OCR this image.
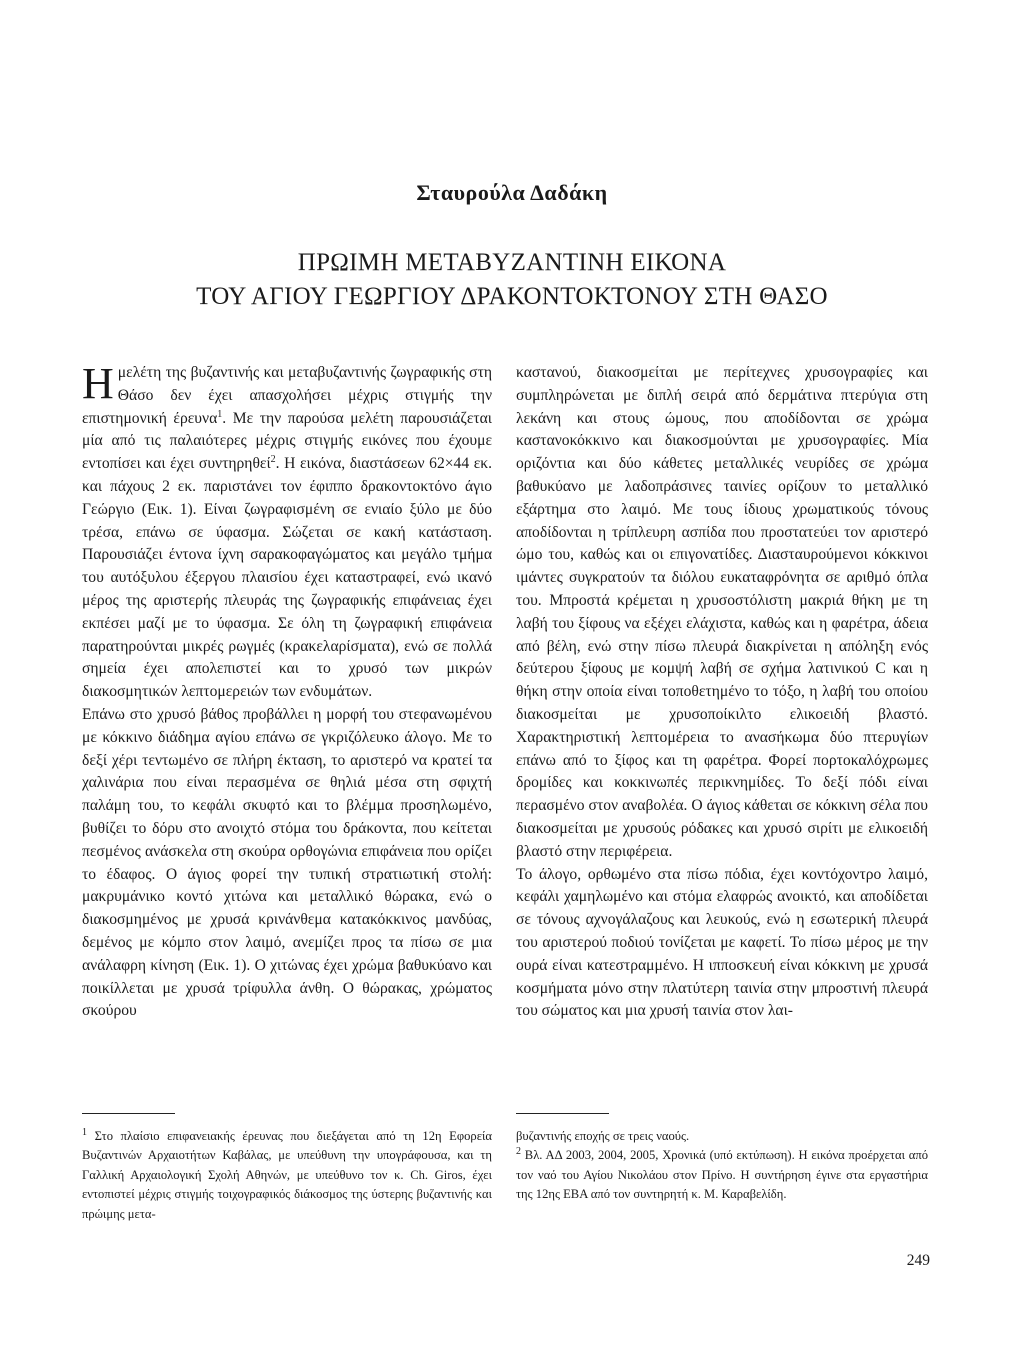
Σταυρούλα Δαδάκη
ΠΡΩΙΜΗ ΜΕΤΑΒΥΖΑΝΤΙΝΗ ΕΙΚΟΝΑ
ΤΟΥ ΑΓΙΟΥ ΓΕΩΡΓΙΟΥ ΔΡΑΚΟΝΤΟΚΤΟΝΟΥ ΣΤΗ ΘΑΣΟ

Ημελέτη της βυζαντινής και μεταβυζαντινής ζωγραφικής στη Θάσο δεν έχει απασχολήσει μέχρις στιγμής την επιστημονική έρευνα$^1$. Με την παρούσα μελέτη παρουσιάζεται μία από τις παλαιότερες μέχρις στιγμής εικόνες που έχουμε εντοπίσει και έχει συντηρηθεί$^2$. Η εικόνα, διαστάσεων 62×44 εκ. και πάχους 2 εκ. παριστάνει τον έφιππο δρακοντοκτόνο άγιο Γεώργιο (Εικ. 1). Είναι ζωγραφισμένη σε ενιαίο ξύλο με δύο τρέσα, επάνω σε ύφασμα. Σώζεται σε κακή κατάσταση. Παρουσιάζει έντονα ίχνη σαρακοφαγώματος και μεγάλο τμήμα του αυτόξυλου έξεργου πλαισίου έχει καταστραφεί, ενώ ικανό μέρος της αριστερής πλευράς της ζωγραφικής επιφάνειας έχει εκπέσει μαζί με το ύφασμα. Σε όλη τη ζωγραφική επιφάνεια παρατηρούνται μικρές ρωγμές (κρακελαρίσματα), ενώ σε πολλά σημεία έχει απολεπιστεί και το χρυσό των μικρών διακοσμητικών λεπτομερειών των ενδυμάτων.

Επάνω στο χρυσό βάθος προβάλλει η μορφή του στεφανωμένου με κόκκινο διάδημα αγίου επάνω σε γκριζόλευκο άλογο. Με το δεξί χέρι τεντωμένο σε πλήρη έκταση, το αριστερό να κρατεί τα χαλινάρια που είναι περασμένα σε θηλιά μέσα στη σφιχτή παλάμη του, το κεφάλι σκυφτό και το βλέμμα προσηλωμένο, βυθίζει το δόρυ στο ανοιχτό στόμα του δράκοντα, που κείτεται πεσμένος ανάσκελα στη σκούρα ορθογώνια επιφάνεια που ορίζει το έδαφος. Ο άγιος φορεί την τυπική στρατιωτική στολή: μακρυμάνικο κοντό χιτώνα και μεταλλικό θώρακα, ενώ ο διακοσμημένος με χρυσά κρινάνθεμα κατακόκκινος μανδύας, δεμένος με κόμπο στον λαιμό, ανεμίζει προς τα πίσω σε μια ανάλαφρη κίνηση (Εικ. 1). Ο χιτώνας έχει χρώμα βαθυκύανο και ποικίλλεται με χρυσά τρίφυλλα άνθη. Ο θώρακας, χρώματος σκούρου

καστανού, διακοσμείται με περίτεχνες χρυσογραφίες και συμπληρώνεται με διπλή σειρά από δερμάτινα πτερύγια στη λεκάνη και στους ώμους, που αποδίδονται σε χρώμα καστανοκόκκινο και διακοσμούνται με χρυσογραφίες. Μία οριζόντια και δύο κάθετες μεταλλικές νευρίδες σε χρώμα βαθυκύανο με λαδοπράσινες ταινίες ορίζουν το μεταλλικό εξάρτημα στο λαιμό. Με τους ίδιους χρωματικούς τόνους αποδίδονται η τρίπλευρη ασπίδα που προστατεύει τον αριστερό ώμο του, καθώς και οι επιγονατίδες. Διασταυρούμενοι κόκκινοι ιμάντες συγκρατούν τα διόλου ευκαταφρόνητα σε αριθμό όπλα του. Μπροστά κρέμεται η χρυσοστόλιστη μακριά θήκη με τη λαβή του ξίφους να εξέχει ελάχιστα, καθώς και η φαρέτρα, άδεια από βέλη, ενώ στην πίσω πλευρά διακρίνεται η απόληξη ενός δεύτερου ξίφους με κομψή λαβή σε σχήμα λατινικού C και η θήκη στην οποία είναι τοποθετημένο το τόξο, η λαβή του οποίου διακοσμείται με χρυσοποίκιλτο ελικοειδή βλαστό. Χαρακτηριστική λεπτομέρεια το ανασήκωμα δύο πτερυγίων επάνω από το ξίφος και τη φαρέτρα. Φορεί πορτοκαλόχρωμες δρομίδες και κοκκινωπές περικνημίδες. Το δεξί πόδι είναι περασμένο στον αναβολέα. Ο άγιος κάθεται σε κόκκινη σέλα που διακοσμείται με χρυσούς ρόδακες και χρυσό σιρίτι με ελικοειδή βλαστό στην περιφέρεια.

Το άλογο, ορθωμένο στα πίσω πόδια, έχει κοντόχοντρο λαιμό, κεφάλι χαμηλωμένο και στόμα ελαφρώς ανοικτό, και αποδίδεται σε τόνους αχνογάλαζους και λευκούς, ενώ η εσωτερική πλευρά του αριστερού ποδιού τονίζεται με καφετί. Το πίσω μέρος με την ουρά είναι κατεστραμμένο. Η ιπποσκευή είναι κόκκινη με χρυσά κοσμήματα μόνο στην πλατύτερη ταινία στην μπροστινή πλευρά του σώματος και μια χρυσή ταινία στον λαι-

$^1$ Στο πλαίσιο επιφανειακής έρευνας που διεξάγεται από τη 12η Εφορεία Βυζαντινών Αρχαιοτήτων Καβάλας, με υπεύθυνη την υπογράφουσα, και τη Γαλλική Αρχαιολογική Σχολή Αθηνών, με υπεύθυνο τον κ. Ch. Giros, έχει εντοπιστεί μέχρις στιγμής τοιχογραφικός διάκοσμος της ύστερης βυζαντινής και πρώιμης μετα-

βυζαντινής εποχής σε τρεις ναούς.

$^2$ Βλ. ΑΔ 2003, 2004, 2005, Χρονικά (υπό εκτύπωση). Η εικόνα προέρχεται από τον ναό του Αγίου Νικολάου στον Πρίνο. Η συντήρηση έγινε στα εργαστήρια της 12ης ΕΒΑ από τον συντηρητή κ. Μ. Καραβελίδη.

249
